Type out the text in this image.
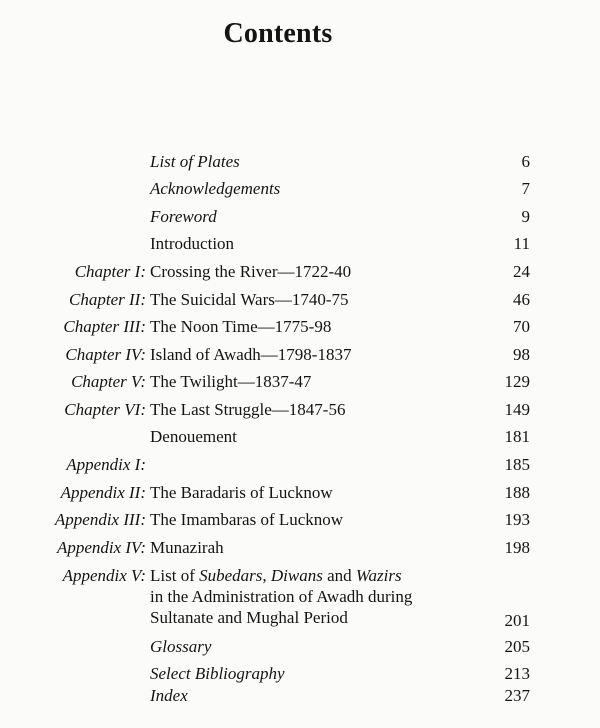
Contents
List of Plates	6
Acknowledgements	7
Foreword	9
Introduction	11
Chapter I: Crossing the River—1722-40	24
Chapter II: The Suicidal Wars—1740-75	46
Chapter III: The Noon Time—1775-98	70
Chapter IV: Island of Awadh—1798-1837	98
Chapter V: The Twilight—1837-47	129
Chapter VI: The Last Struggle—1847-56	149
Denouement	181
Appendix I:	185
Appendix II: The Baradaris of Lucknow	188
Appendix III: The Imambaras of Lucknow	193
Appendix IV: Munazirah	198
Appendix V: List of Subedars, Diwans and Wazirs
in the Administration of Awadh during
Sultanate and Mughal Period	201
Glossary	205
Select Bibliography	213
Index	237
